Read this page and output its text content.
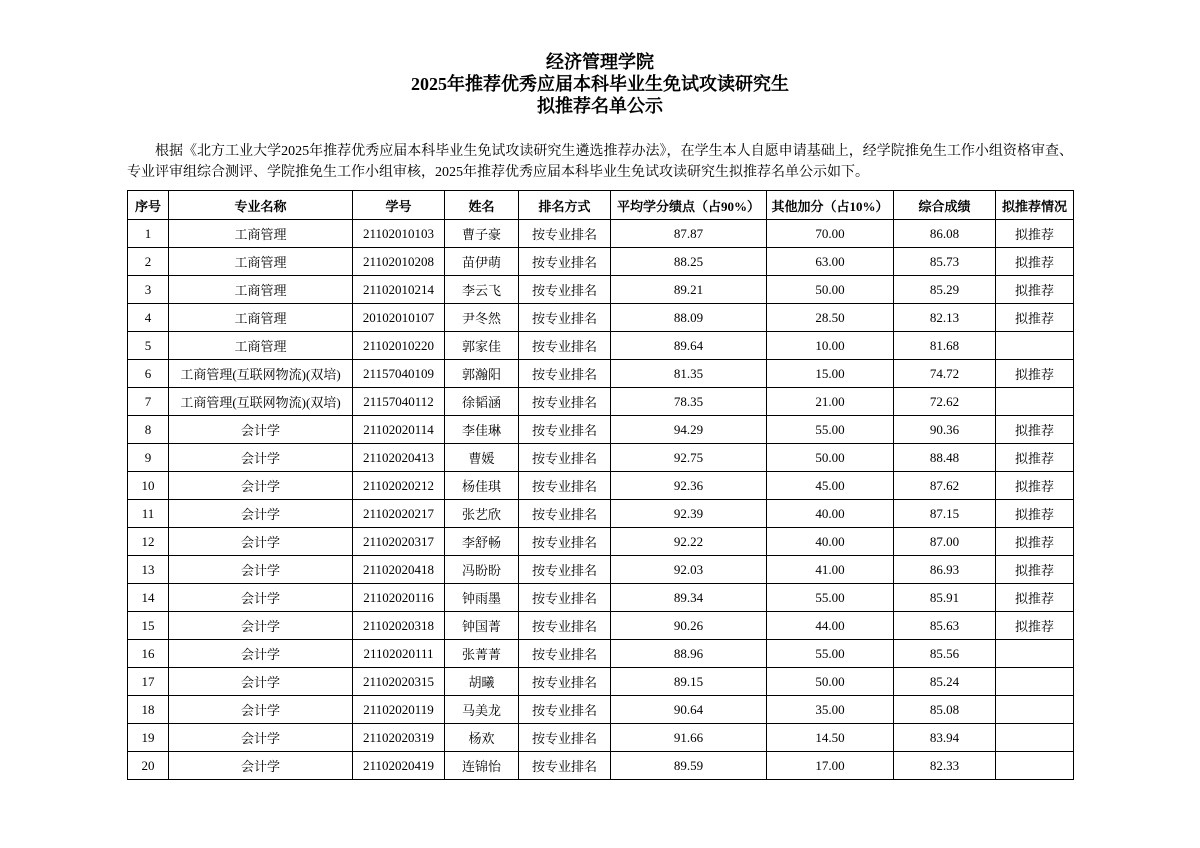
经济管理学院
2025年推荐优秀应届本科毕业生免试攻读研究生
拟推荐名单公示
根据《北方工业大学2025年推荐优秀应届本科毕业生免试攻读研究生遴选推荐办法》，在学生本人自愿申请基础上，经学院推免生工作小组资格审查、专业评审组综合测评、学院推免生工作小组审核，2025年推荐优秀应届本科毕业生免试攻读研究生拟推荐名单公示如下。
序号	专业名称	学号	姓名	排名方式	平均学分绩点（占90%）	其他加分（占10%）	综合成绩	拟推荐情况
1	工商管理	21102010103	曹子豪	按专业排名	87.87	70.00	86.08	拟推荐
2	工商管理	21102010208	苗伊萌	按专业排名	88.25	63.00	85.73	拟推荐
3	工商管理	21102010214	李云飞	按专业排名	89.21	50.00	85.29	拟推荐
4	工商管理	20102010107	尹冬然	按专业排名	88.09	28.50	82.13	拟推荐
5	工商管理	21102010220	郭家佳	按专业排名	89.64	10.00	81.68	
6	工商管理(互联网物流)(双培)	21157040109	郭瀚阳	按专业排名	81.35	15.00	74.72	拟推荐
7	工商管理(互联网物流)(双培)	21157040112	徐韬涵	按专业排名	78.35	21.00	72.62	
8	会计学	21102020114	李佳琳	按专业排名	94.29	55.00	90.36	拟推荐
9	会计学	21102020413	曹媛	按专业排名	92.75	50.00	88.48	拟推荐
10	会计学	21102020212	杨佳琪	按专业排名	92.36	45.00	87.62	拟推荐
11	会计学	21102020217	张艺欣	按专业排名	92.39	40.00	87.15	拟推荐
12	会计学	21102020317	李舒畅	按专业排名	92.22	40.00	87.00	拟推荐
13	会计学	21102020418	冯盼盼	按专业排名	92.03	41.00	86.93	拟推荐
14	会计学	21102020116	钟雨墨	按专业排名	89.34	55.00	85.91	拟推荐
15	会计学	21102020318	钟国菁	按专业排名	90.26	44.00	85.63	拟推荐
16	会计学	21102020111	张菁菁	按专业排名	88.96	55.00	85.56	
17	会计学	21102020315	胡曦	按专业排名	89.15	50.00	85.24	
18	会计学	21102020119	马美龙	按专业排名	90.64	35.00	85.08	
19	会计学	21102020319	杨欢	按专业排名	91.66	14.50	83.94	
20	会计学	21102020419	连锦怡	按专业排名	89.59	17.00	82.33	
